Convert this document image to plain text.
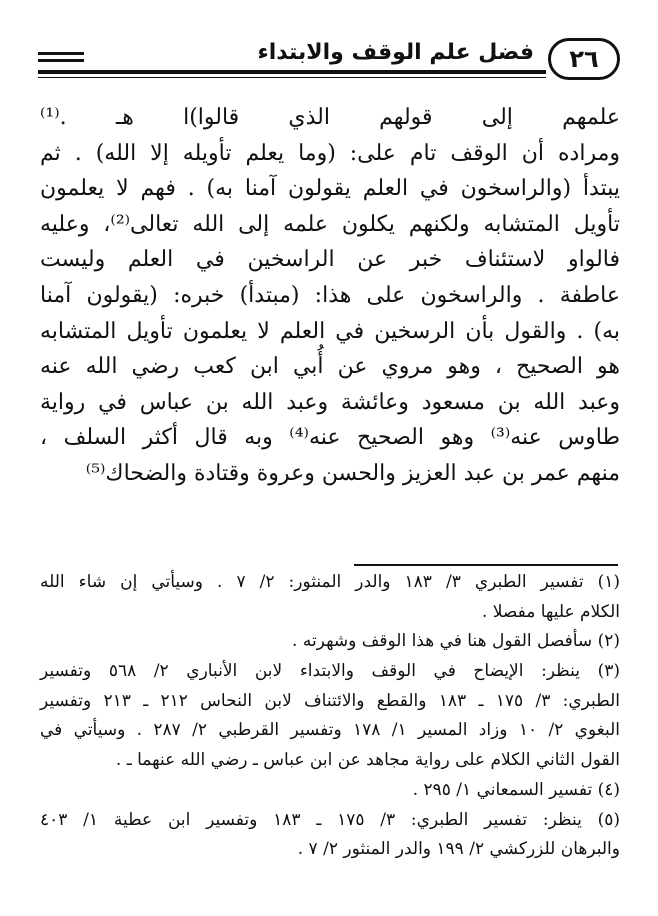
٢٦
فضل علم الوقف والابتداء
علمهم إلى قولهم الذي قالوا)ا هـ .⁽¹⁾
ومراده أن الوقف تام على: (وما يعلم تأويله إلا الله) . ثم
يبتدأ (والراسخون في العلم يقولون آمنا به) . فهم لا يعلمون
تأويل المتشابه ولكنهم يكلون علمه إلى الله تعالى⁽²⁾، وعليه
فالواو لاستئناف خبر عن الراسخين في العلم وليست
عاطفة . والراسخون على هذا: (مبتدأ) خبره: (يقولون آمنا
به) . والقول بأن الرسخين في العلم لا يعلمون تأويل المتشابه
هو الصحيح ، وهو مروي عن أُبي ابن كعب رضي الله عنه
وعبد الله بن مسعود وعائشة وعبد الله بن عباس في رواية
طاوس عنه⁽³⁾ وهو الصحيح عنه⁽⁴⁾ وبه قال أكثر السلف ،
منهم عمر بن عبد العزيز والحسن وعروة وقتادة والضحاك⁽⁵⁾
(١) تفسير الطبري ٣/ ١٨٣ والدر المنثور: ٢/ ٧ . وسيأتي إن شاء الله
الكلام عليها مفصلا .
(٢) سأفصل القول هنا في هذا الوقف وشهرته .
(٣) ينظر: الإيضاح في الوقف والابتداء لابن الأنباري ٢/ ٥٦٨ وتفسير
الطبري: ٣/ ١٧٥ ـ ١٨٣ والقطع والائتناف لابن النحاس ٢١٢ ـ ٢١٣ وتفسير
البغوي ٢/ ١٠ وزاد المسير ١/ ١٧٨ وتفسير القرطبي ٢/ ٢٨٧ . وسيأتي في
القول الثاني الكلام على رواية مجاهد عن ابن عباس ـ رضي الله عنهما ـ .
(٤) تفسير السمعاني ١/ ٢٩٥ .
(٥) ينظر: تفسير الطبري: ٣/ ١٧٥ ـ ١٨٣ وتفسير ابن عطية ١/ ٤٠٣
والبرهان للزركشي ٢/ ١٩٩ والدر المنثور ٢/ ٧ .
